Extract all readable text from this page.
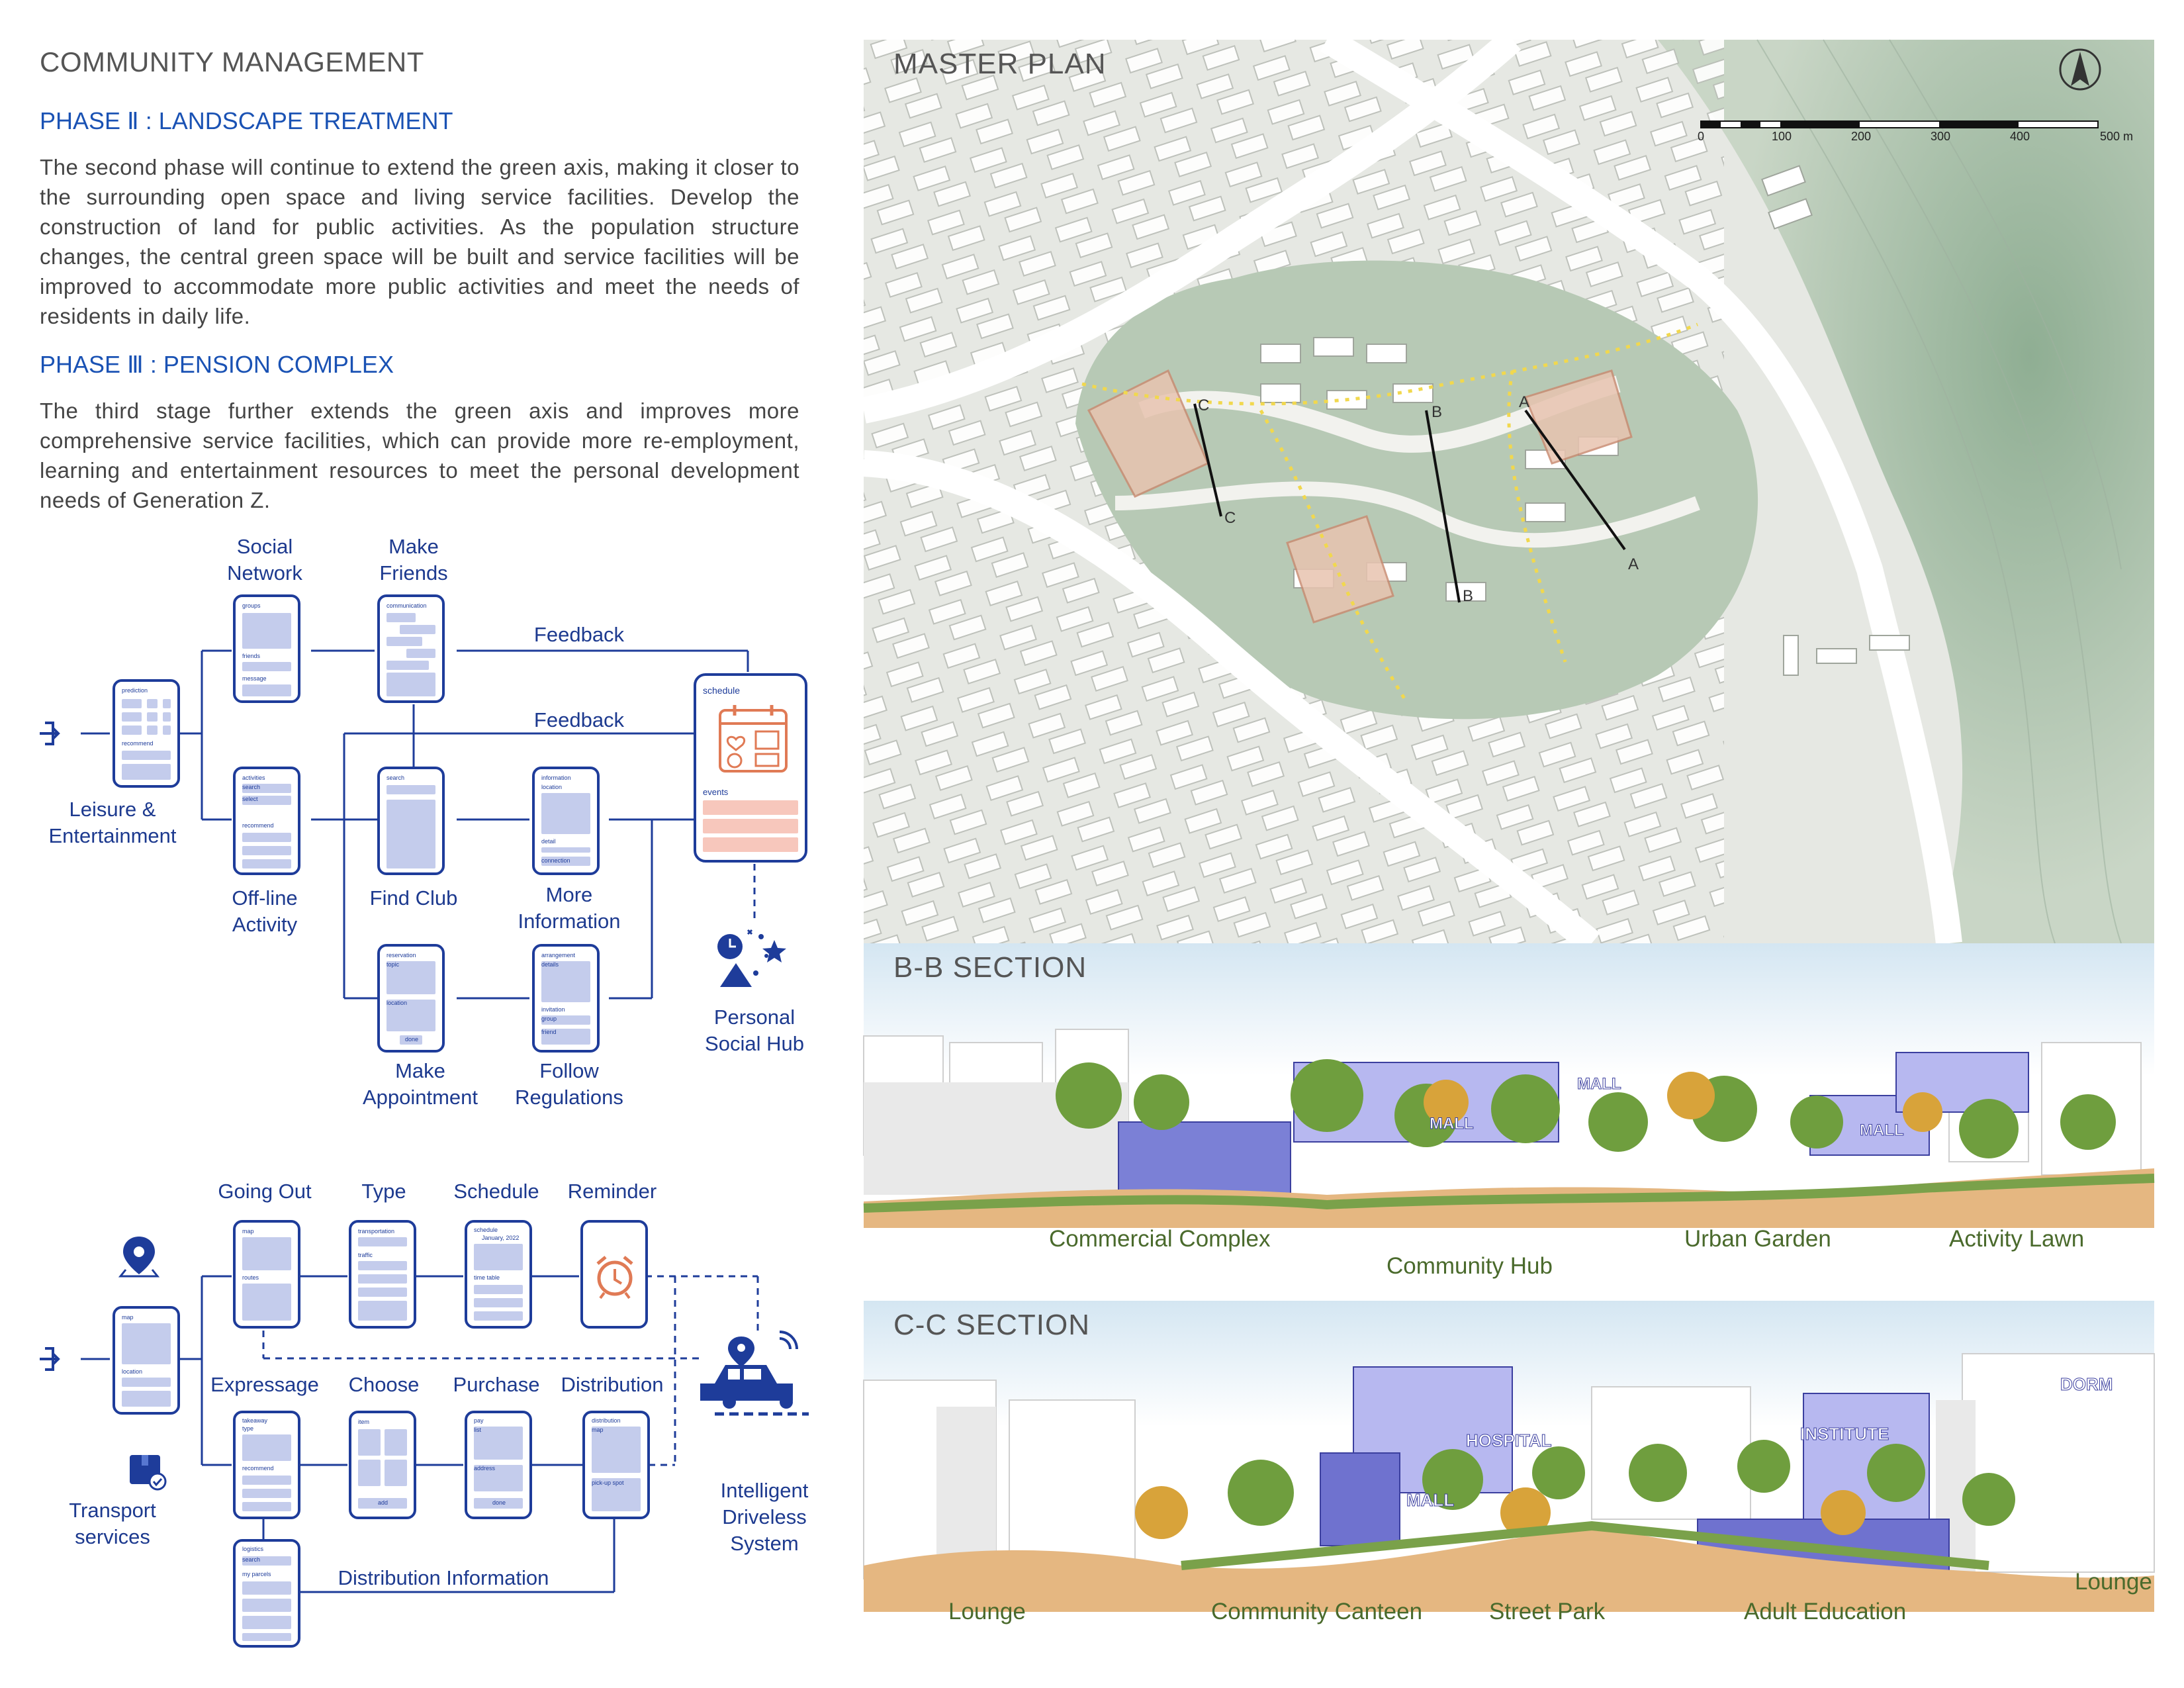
COMMUNITY MANAGEMENT
PHASE Ⅱ : LANDSCAPE TREATMENT
The second phase will continue to extend the green axis, making it closer to the surrounding open space and living service facilities. Develop the construction of land for public activities. As the population structure changes, the central green space will be built and service facilities will be improved to accommodate more public activities and meet the needs of residents in daily life.
PHASE Ⅲ : PENSION COMPLEX
The third stage further extends the green axis and improves more comprehensive service facilities, which can provide more re-employment, learning and entertainment resources to meet the personal development needs of Generation Z.
Leisure & Entertainment
Social Network
Make Friends
Feedback
Feedback
Off-line Activity
Find Club	More Information
Make Appointment
Follow Regulations
Personal Social Hub
prediction
recommend
groups
friends
message
communication
activities
search
select
recommend
search	information
location
detail
connection
reservation
topic
location
done
arrangement
details
invitation
group
friend
schedule
events
Transport services
Going Out	Type	Schedule	Reminder
Expressage	Choose	Purchase	Distribution
Distribution Information
Intelligent Driveless System
map
location
map
routes
transportation
traffic
schedule
January, 2022
time table
takeaway
type
recommend
item
add
pay
list
address
done
distribution
map
pick-up spot
logistics
search
my parcels
A
A
B
B
C
C
0	100	200	300	400	500 m
MASTER PLAN
MALL
MALL
MALL
B-B SECTION
Commercial Complex
Community Hub
Urban Garden	Activity Lawn
HOSPITAL
MALL
INSTITUTE
DORM
C-C SECTION
Lounge	Community Canteen	Street Park	Adult Education
Lounge
